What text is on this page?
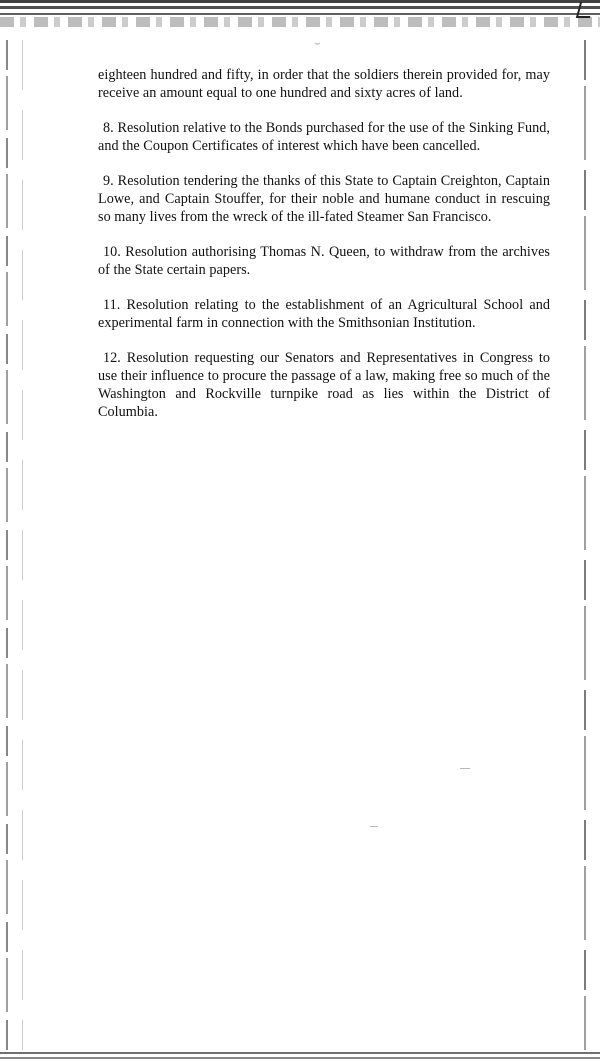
⌣

eighteen hundred and fifty, in order that the soldiers therein provided for, may receive an amount equal to one hundred and sixty acres of land.

8. Resolution relative to the Bonds purchased for the use of the Sinking Fund, and the Coupon Certificates of interest which have been cancelled.

9. Resolution tendering the thanks of this State to Captain Creighton, Captain Lowe, and Captain Stouffer, for their noble and humane conduct in rescuing so many lives from the wreck of the ill-fated Steamer San Francisco.

10. Resolution authorising Thomas N. Queen, to withdraw from the archives of the State certain papers.

11. Resolution relating to the establishment of an Agricultural School and experimental farm in connection with the Smithsonian Institution.

12. Resolution requesting our Senators and Representatives in Congress to use their influence to procure the passage of a law, making free so much of the Washington and Rockville turnpike road as lies within the District of Columbia.
